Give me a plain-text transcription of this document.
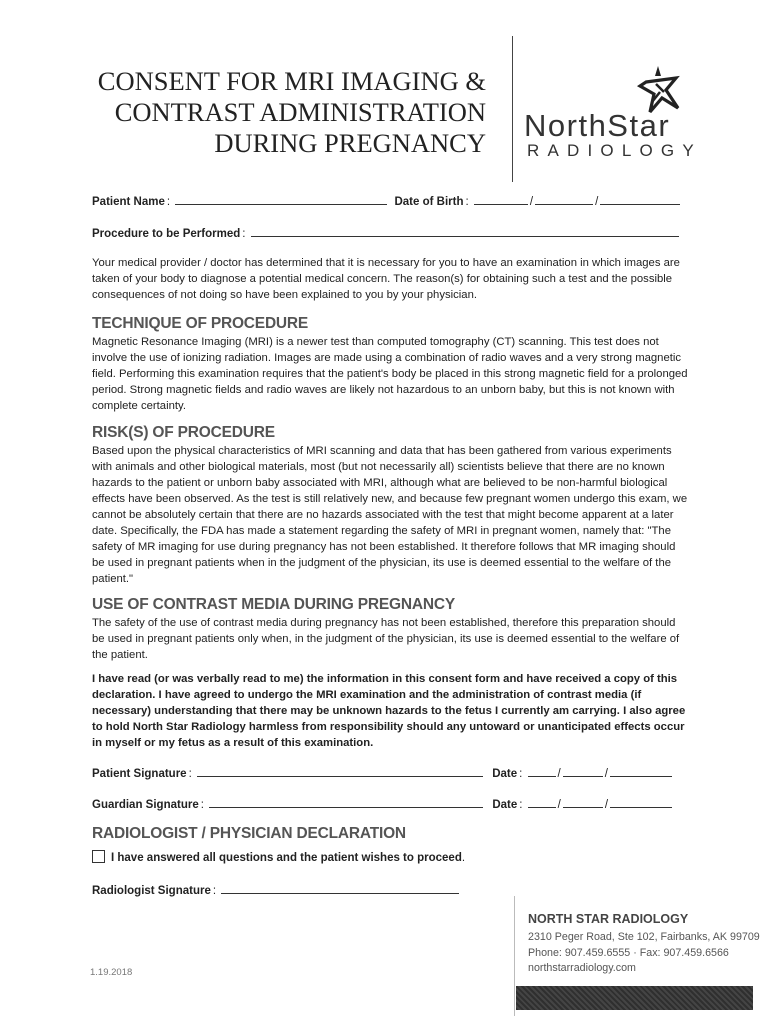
CONSENT FOR MRI IMAGING &
CONTRAST ADMINISTRATION
DURING PREGNANCY NorthStar
RADIOLOGY
Patient Name :	Date of Birth :	/	/
Procedure to be Performed :

Your medical provider / doctor has determined that it is necessary for you to have an examination in which images are taken of your body to diagnose a potential medical concern. The reason(s) for obtaining such a test and the possible consequences of not doing so have been explained to you by your physician.

TECHNIQUE OF PROCEDURE

Magnetic Resonance Imaging (MRI) is a newer test than computed tomography (CT) scanning. This test does not involve the use of ionizing radiation. Images are made using a combination of radio waves and a very strong magnetic field. Performing this examination requires that the patient's body be placed in this strong magnetic field for a prolonged period. Strong magnetic fields and radio waves are likely not hazardous to an unborn baby, but this is not known with complete certainty.

RISK(S) OF PROCEDURE

Based upon the physical characteristics of MRI scanning and data that has been gathered from various experiments with animals and other biological materials, most (but not necessarily all) scientists believe that there are no known hazards to the patient or unborn baby associated with MRI, although what are believed to be non-harmful biological effects have been observed. As the test is still relatively new, and because few pregnant women undergo this exam, we cannot be absolutely certain that there are no hazards associated with the test that might become apparent at a later date. Specifically, the FDA has made a statement regarding the safety of MRI in pregnant women, namely that: "The safety of MR imaging for use during pregnancy has not been established. It therefore follows that MR imaging should be used in pregnant patients when in the judgment of the physician, its use is deemed essential to the welfare of the patient."

USE OF CONTRAST MEDIA DURING PREGNANCY

The safety of the use of contrast media during pregnancy has not been established, therefore this preparation should be used in pregnant patients only when, in the judgment of the physician, its use is deemed essential to the welfare of the patient.

I have read (or was verbally read to me) the information in this consent form and have received a copy of this declaration. I have agreed to undergo the MRI examination and the administration of contrast media (if necessary) understanding that there may be unknown hazards to the fetus I currently am carrying. I also agree to hold North Star Radiology harmless from responsibility should any untoward or unanticipated effects occur in myself or my fetus as a result of this examination.

Patient Signature :	Date :	/	/
Guardian Signature :	Date :	/	/
RADIOLOGIST / PHYSICIAN DECLARATION
I have answered all questions and the patient wishes to proceed.
Radiologist Signature :

NORTH STAR RADIOLOGY

2310 Peger Road, Ste 102, Fairbanks, AK 99709
Phone: 907.459.6555 · Fax: 907.459.6566
northstarradiology.com
1.19.2018
